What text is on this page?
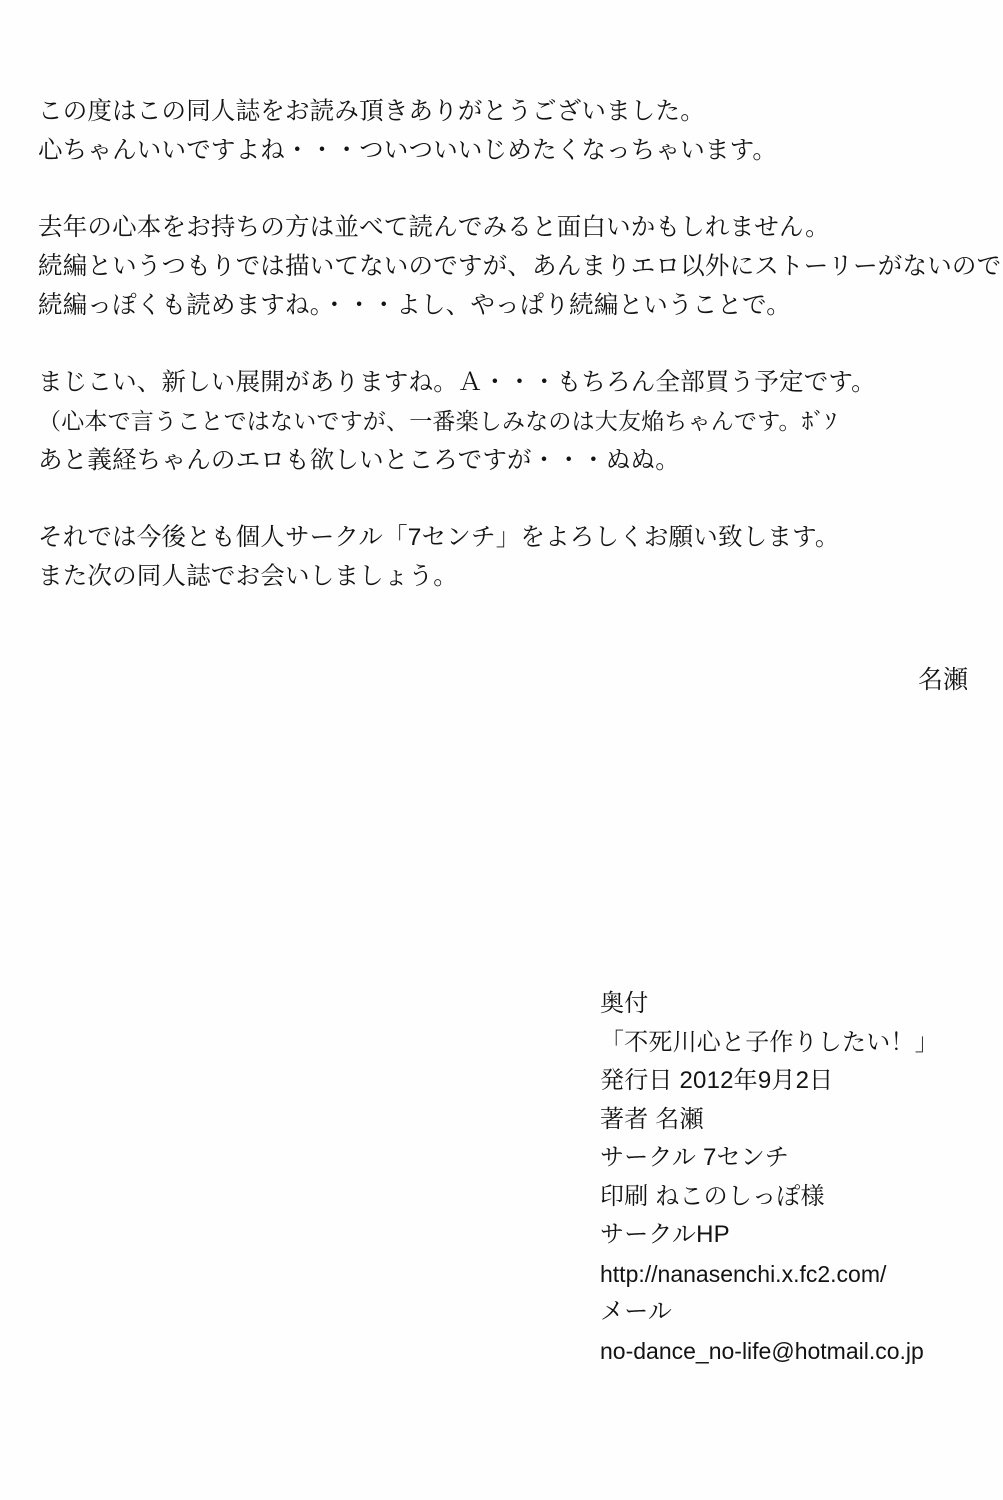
この度はこの同人誌をお読み頂きありがとうございました。
心ちゃんいいですよね・・・ついついいじめたくなっちゃいます。
去年の心本をお持ちの方は並べて読んでみると面白いかもしれません。
続編というつもりでは描いてないのですが、あんまりエロ以外にストーリーがないので
続編っぽくも読めますね。・・・よし、やっぱり続編ということで。
まじこい、新しい展開がありますね。Ａ・・・もちろん全部買う予定です。
（心本で言うことではないですが、一番楽しみなのは大友焔ちゃんです。ﾎﾞｿ
あと義経ちゃんのエロも欲しいところですが・・・ぬぬ。
それでは今後とも個人サークル「7センチ」をよろしくお願い致します。
また次の同人誌でお会いしましょう。
名瀬
奥付
「不死川心と子作りしたい！」
発行日 2012年9月2日
著者 名瀬
サークル 7センチ
印刷 ねこのしっぽ様
サークルHP
http://nanasenchi.x.fc2.com/
メール
no-dance_no-life@hotmail.co.jp
